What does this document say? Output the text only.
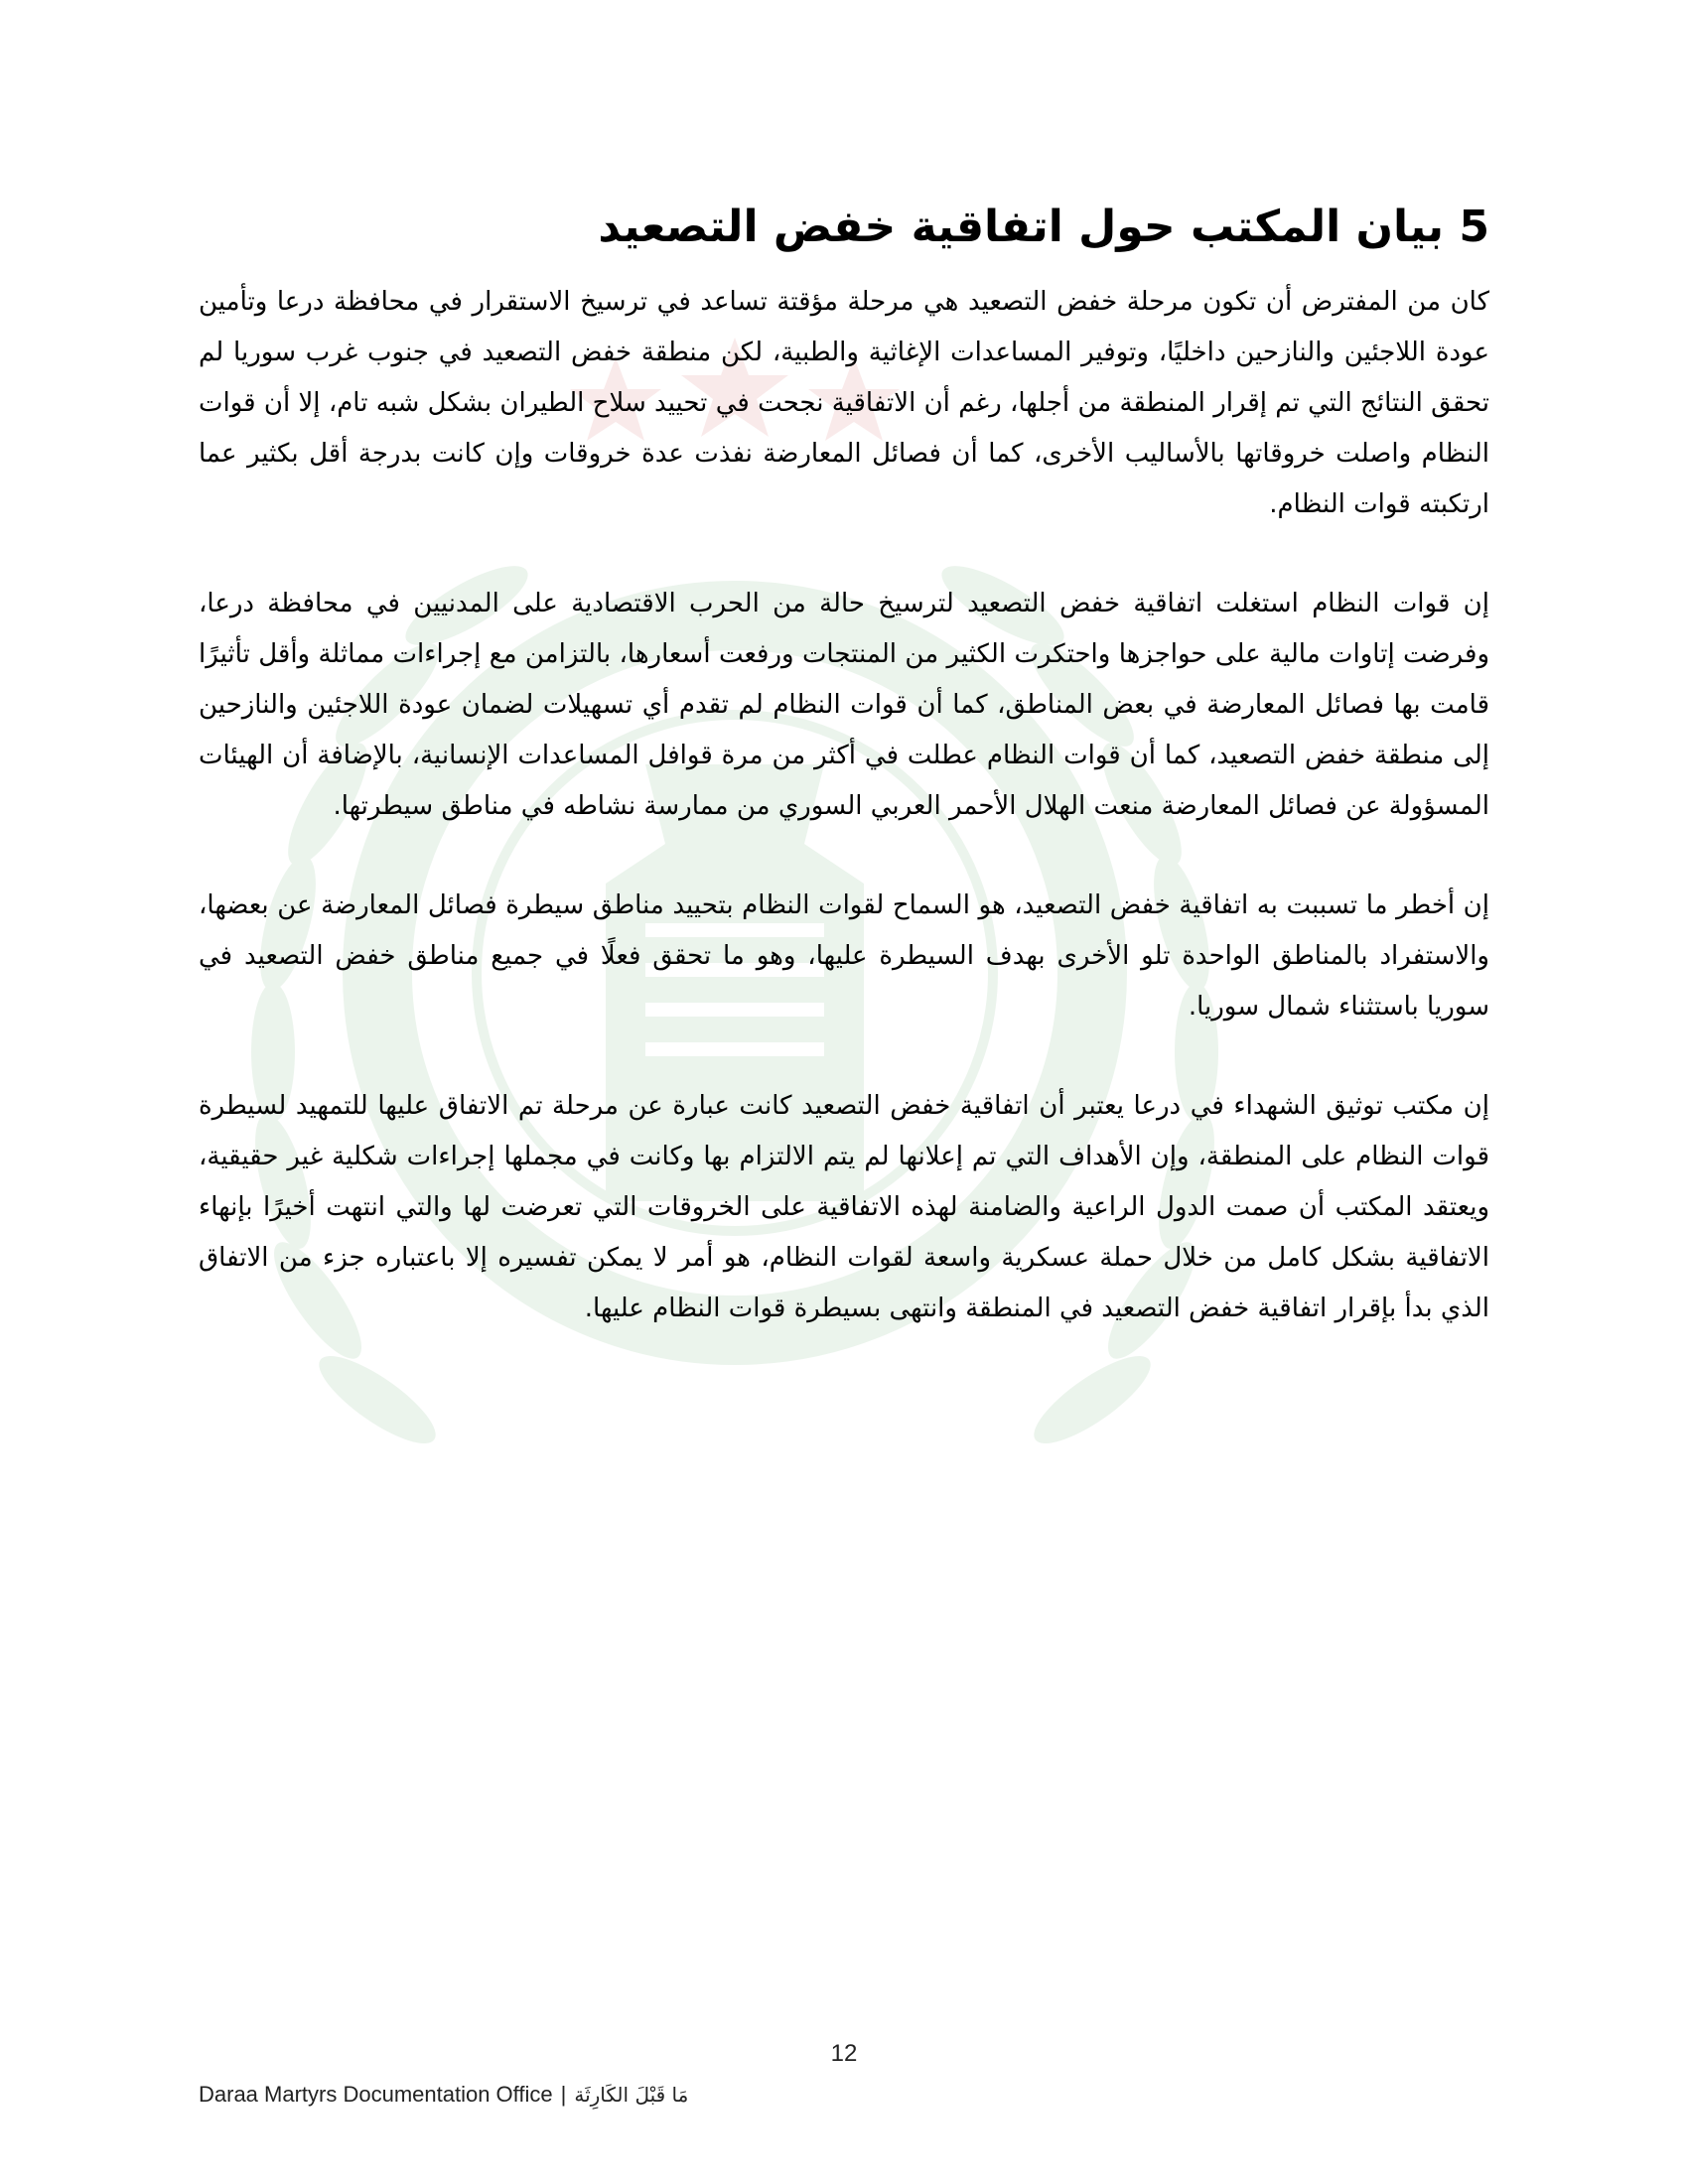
5 بيان المكتب حول اتفاقية خفض التصعيد

كان من المفترض أن تكون مرحلة خفض التصعيد هي مرحلة مؤقتة تساعد في ترسيخ الاستقرار في محافظة درعا وتأمين عودة اللاجئين والنازحين داخليًا، وتوفير المساعدات الإغاثية والطبية، لكن منطقة خفض التصعيد في جنوب غرب سوريا لم تحقق النتائج التي تم إقرار المنطقة من أجلها، رغم أن الاتفاقية نجحت في تحييد سلاح الطيران بشكل شبه تام، إلا أن قوات النظام واصلت خروقاتها بالأساليب الأخرى، كما أن فصائل المعارضة نفذت عدة خروقات وإن كانت بدرجة أقل بكثير عما ارتكبته قوات النظام.

إن قوات النظام استغلت اتفاقية خفض التصعيد لترسيخ حالة من الحرب الاقتصادية على المدنيين في محافظة درعا، وفرضت إتاوات مالية على حواجزها واحتكرت الكثير من المنتجات ورفعت أسعارها، بالتزامن مع إجراءات مماثلة وأقل تأثيرًا قامت بها فصائل المعارضة في بعض المناطق، كما أن قوات النظام لم تقدم أي تسهيلات لضمان عودة اللاجئين والنازحين إلى منطقة خفض التصعيد، كما أن قوات النظام عطلت في أكثر من مرة قوافل المساعدات الإنسانية، بالإضافة أن الهيئات المسؤولة عن فصائل المعارضة منعت الهلال الأحمر العربي السوري من ممارسة نشاطه في مناطق سيطرتها.

إن أخطر ما تسببت به اتفاقية خفض التصعيد، هو السماح لقوات النظام بتحييد مناطق سيطرة فصائل المعارضة عن بعضها، والاستفراد بالمناطق الواحدة تلو الأخرى بهدف السيطرة عليها، وهو ما تحقق فعلًا في جميع مناطق خفض التصعيد في سوريا باستثناء شمال سوريا.

إن مكتب توثيق الشهداء في درعا يعتبر أن اتفاقية خفض التصعيد كانت عبارة عن مرحلة تم الاتفاق عليها للتمهيد لسيطرة قوات النظام على المنطقة، وإن الأهداف التي تم إعلانها لم يتم الالتزام بها وكانت في مجملها إجراءات شكلية غير حقيقية، ويعتقد المكتب أن صمت الدول الراعية والضامنة لهذه الاتفاقية على الخروقات التي تعرضت لها والتي انتهت أخيرًا بإنهاء الاتفاقية بشكل كامل من خلال حملة عسكرية واسعة لقوات النظام، هو أمر لا يمكن تفسيره إلا باعتباره جزء من الاتفاق الذي بدأ بإقرار اتفاقية خفض التصعيد في المنطقة وانتهى بسيطرة قوات النظام عليها.

12
Daraa Martyrs Documentation Office | مَا قَبْلَ الكَارِثَة
